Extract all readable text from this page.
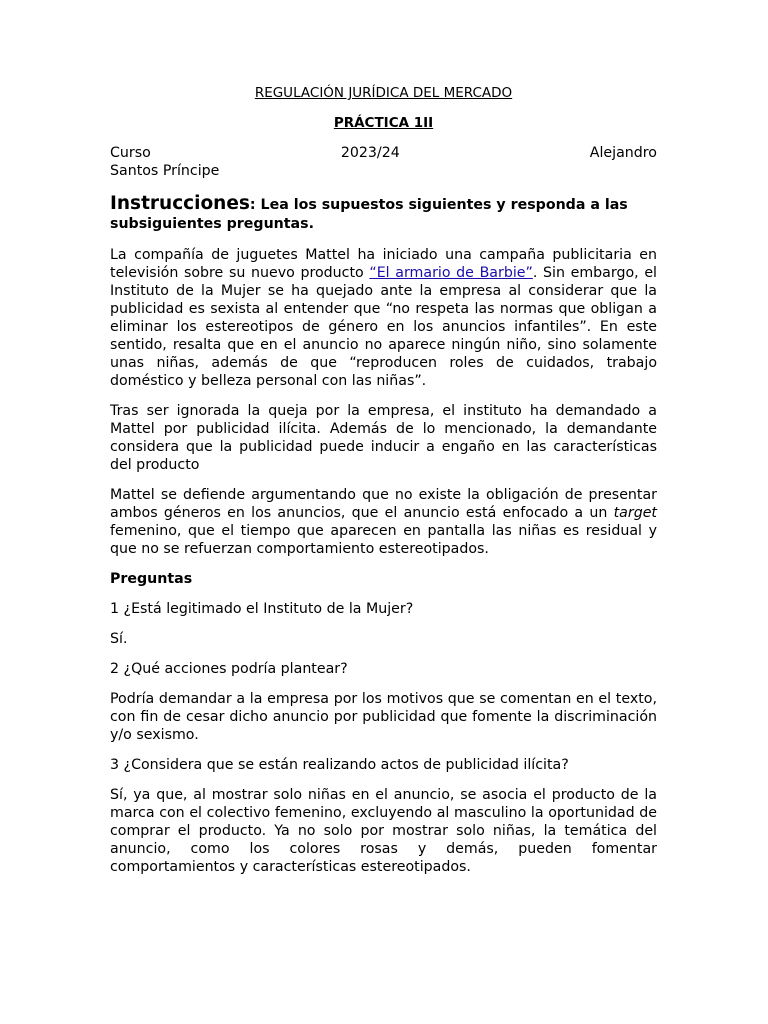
REGULACIÓN JURÍDICA DEL MERCADO
PRÁCTICA 1II
Curso 2023/24	Alejandro
Santos Príncipe
Instrucciones: Lea los supuestos siguientes y responda a las subsiguientes preguntas.

La compañía de juguetes Mattel ha iniciado una campaña publicitaria en televisión sobre su nuevo producto “El armario de Barbie”. Sin embargo, el Instituto de la Mujer se ha quejado ante la empresa al considerar que la publicidad es sexista al entender que “no respeta las normas que obligan a eliminar los estereotipos de género en los anuncios infantiles”. En este sentido, resalta que en el anuncio no aparece ningún niño, sino solamente unas niñas, además de que “reproducen roles de cuidados, trabajo doméstico y belleza personal con las niñas”.

Tras ser ignorada la queja por la empresa, el instituto ha demandado a Mattel por publicidad ilícita. Además de lo mencionado, la demandante considera que la publicidad puede inducir a engaño en las características del producto

Mattel se defiende argumentando que no existe la obligación de presentar ambos géneros en los anuncios, que el anuncio está enfocado a un target femenino, que el tiempo que aparecen en pantalla las niñas es residual y que no se refuerzan comportamiento estereotipados.

Preguntas

1 ¿Está legitimado el Instituto de la Mujer?

Sí.

2 ¿Qué acciones podría plantear?

Podría demandar a la empresa por los motivos que se comentan en el texto, con fin de cesar dicho anuncio por publicidad que fomente la discriminación y/o sexismo.

3 ¿Considera que se están realizando actos de publicidad ilícita?

Sí, ya que, al mostrar solo niñas en el anuncio, se asocia el producto de la marca con el colectivo femenino, excluyendo al masculino la oportunidad de comprar el producto. Ya no solo por mostrar solo niñas, la temática del anuncio, como los colores rosas y demás, pueden fomentar comportamientos y características estereotipados.
